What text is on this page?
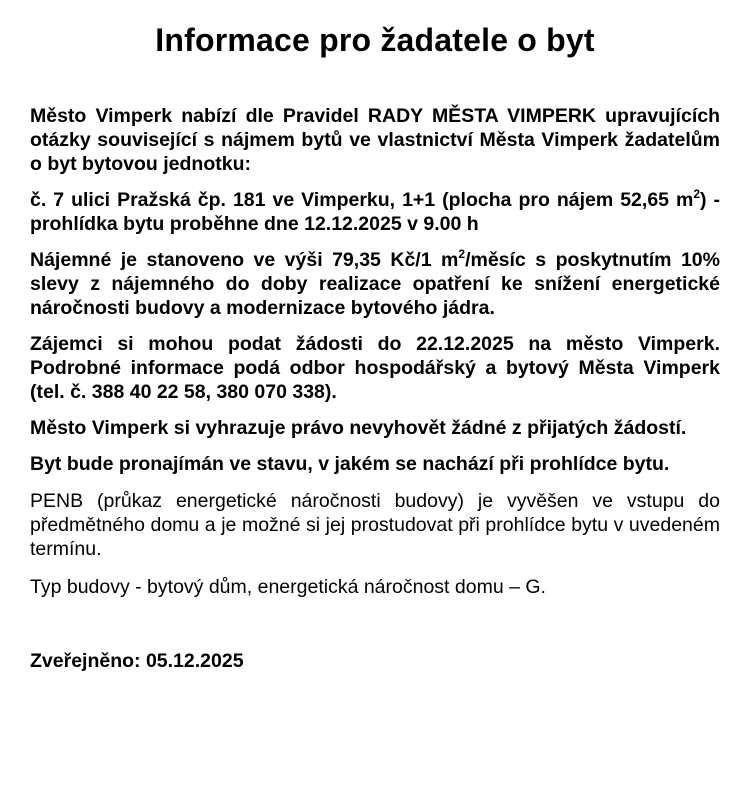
Informace pro žadatele o byt

Město Vimperk nabízí dle Pravidel RADY MĚSTA VIMPERK upravujících otázky související s nájmem bytů ve vlastnictví Města Vimperk žadatelům o byt bytovou jednotku:

č. 7 ulici Pražská čp. 181 ve Vimperku, 1+1 (plocha pro nájem 52,65 $m^2$) - prohlídka bytu proběhne dne 12.12.2025 v 9.00 h

Nájemné je stanoveno ve výši 79,35 Kč/1 $m^2$/měsíc s poskytnutím 10% slevy z nájemného do doby realizace opatření ke snížení energetické náročnosti budovy a modernizace bytového jádra.

Zájemci si mohou podat žádosti do 22.12.2025 na město Vimperk. Podrobné informace podá odbor hospodářský a bytový Města Vimperk (tel. č. 388 40 22 58, 380 070 338).

Město Vimperk si vyhrazuje právo nevyhovět žádné z přijatých žádostí.

Byt bude pronajímán ve stavu, v jakém se nachází při prohlídce bytu.

PENB (průkaz energetické náročnosti budovy) je vyvěšen ve vstupu do předmětného domu a je možné si jej prostudovat při prohlídce bytu v uvedeném termínu.

Typ budovy - bytový dům, energetická náročnost domu – G.

Zveřejněno: 05.12.2025
